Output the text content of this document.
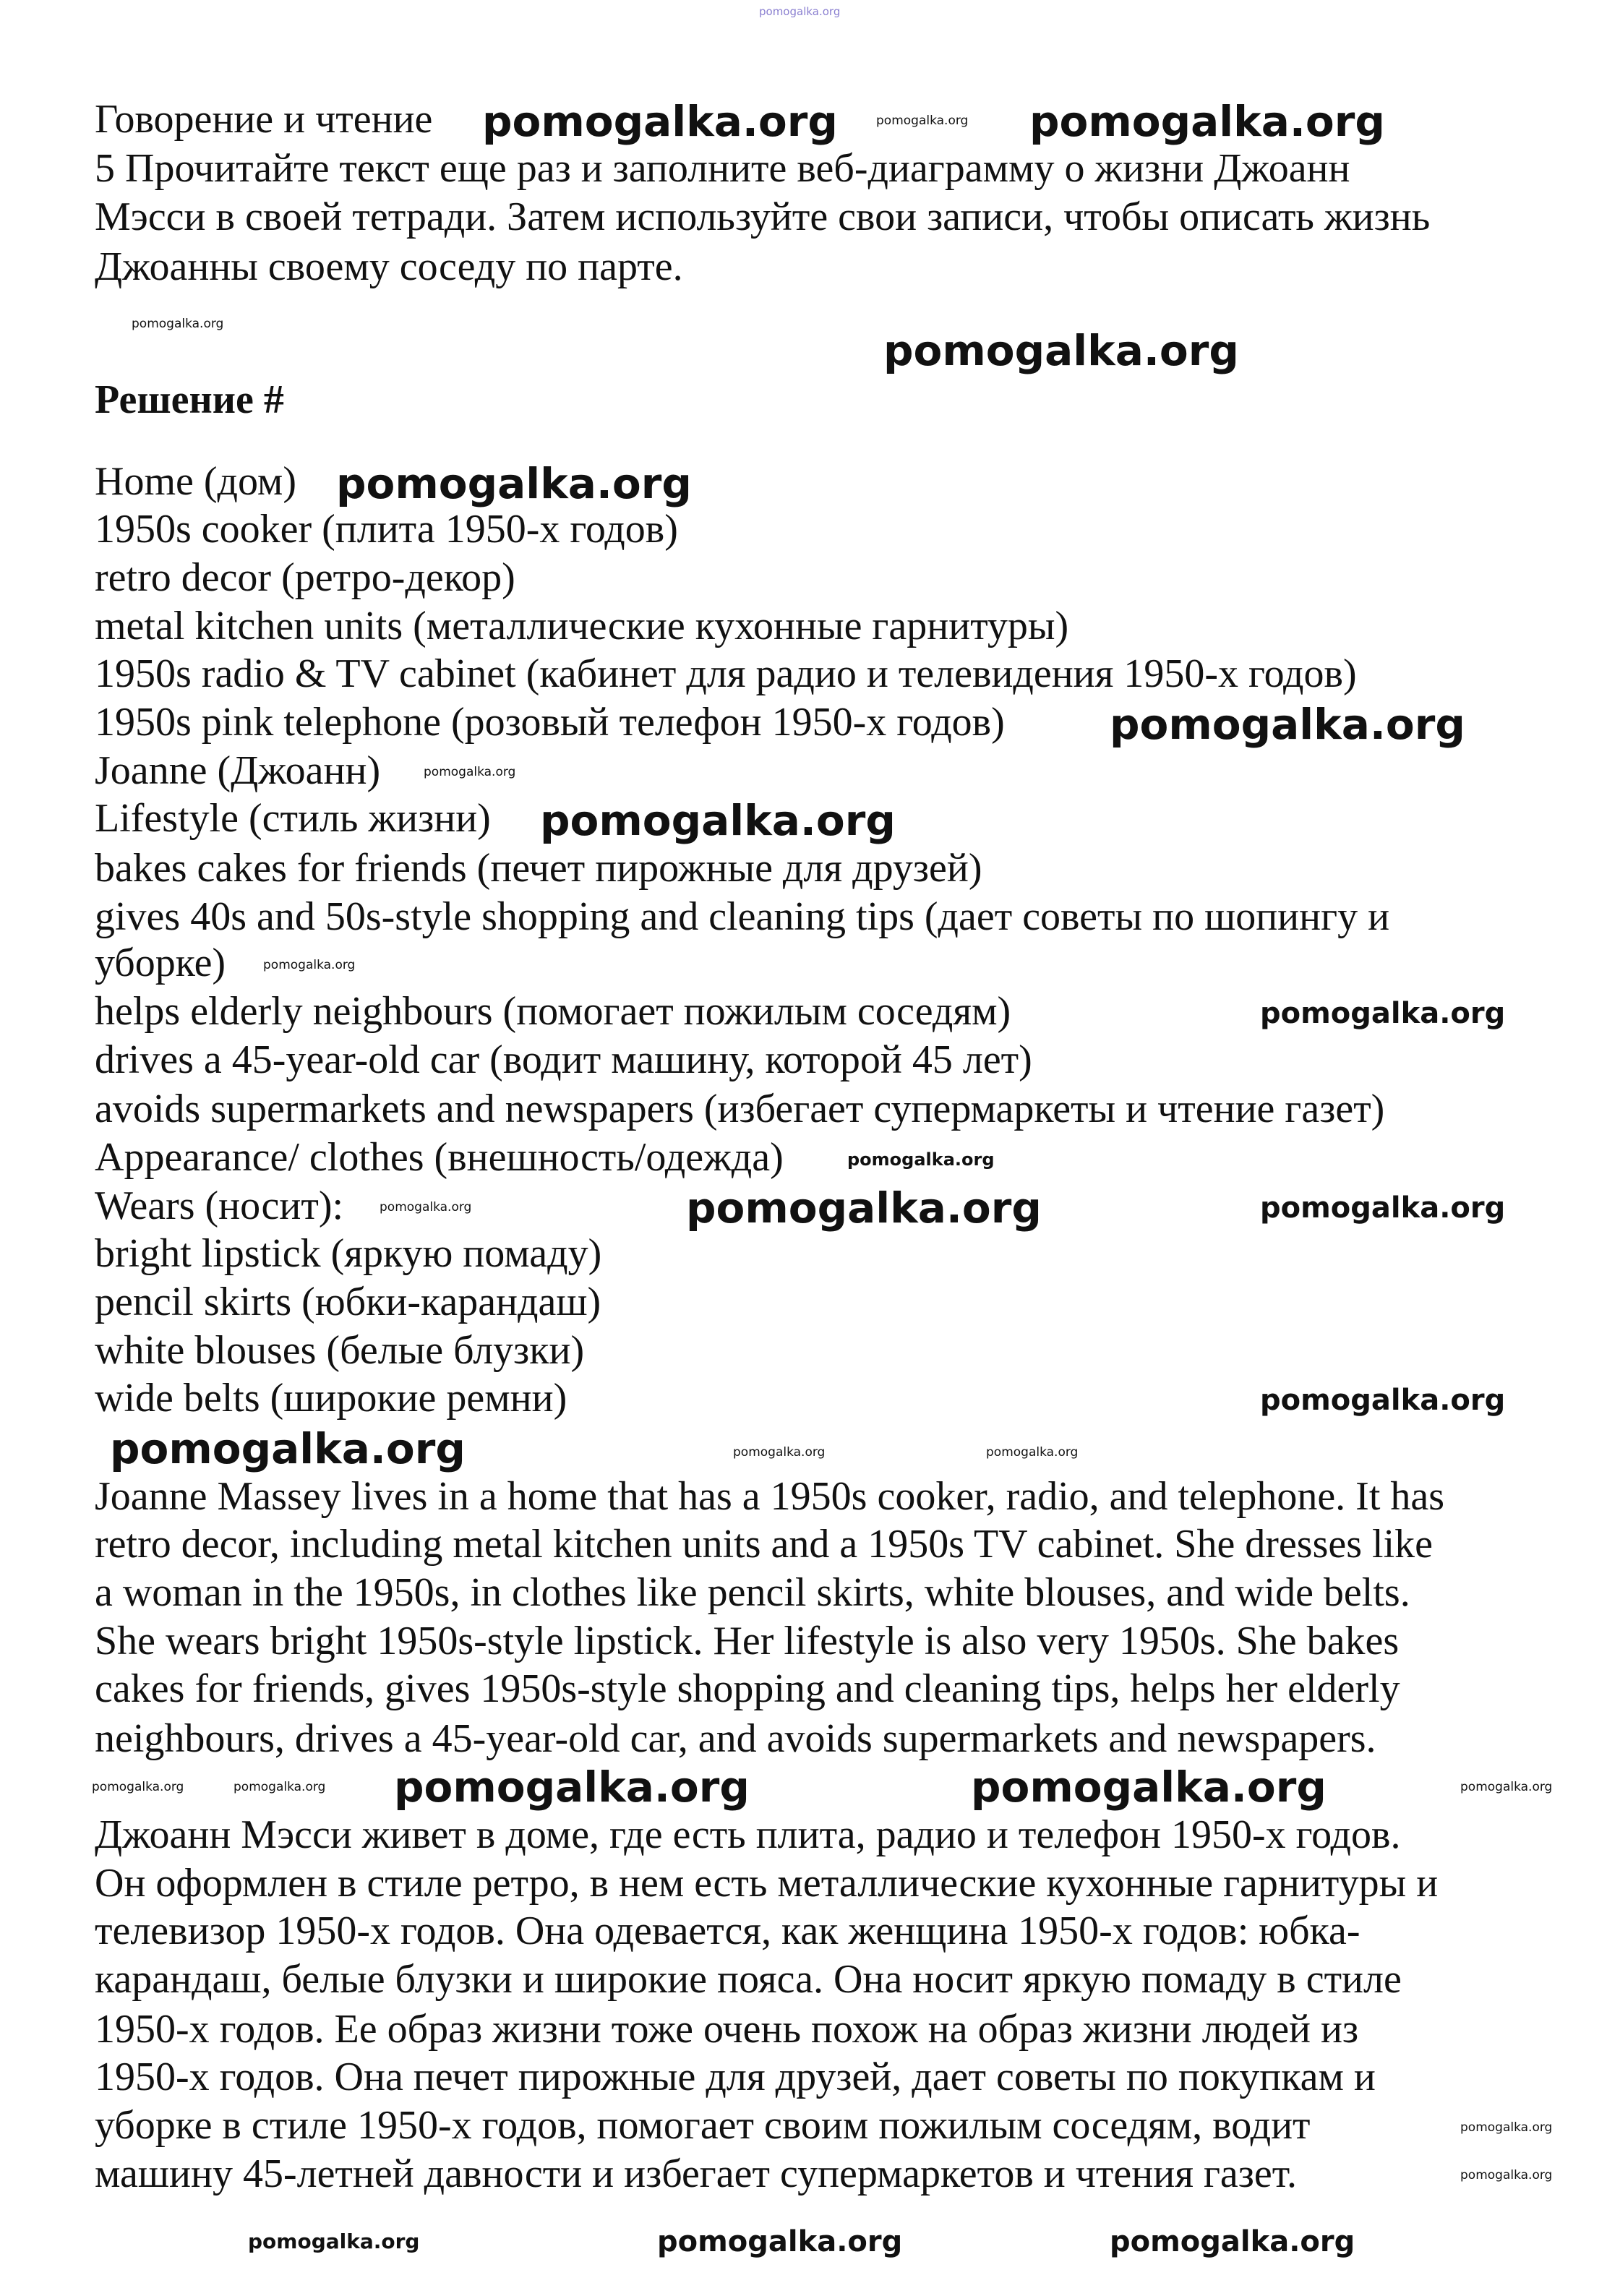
Говорение и чтение
5 Прочитайте текст еще раз и заполните веб-диаграмму о жизни Джоанн
Мэсси в своей тетради. Затем используйте свои записи, чтобы описать жизнь
Джоанны своему соседу по парте.
Решение #
Home (дом)
1950s cooker (плита 1950-х годов)
retro decor (ретро-декор)
metal kitchen units (металлические кухонные гарнитуры)
1950s radio & TV cabinet (кабинет для радио и телевидения 1950-х годов)
1950s pink telephone (розовый телефон 1950-х годов)
Joanne (Джоанн)
Lifestyle (стиль жизни)
bakes cakes for friends (печет пирожные для друзей)
gives 40s and 50s-style shopping and cleaning tips (дает советы по шопингу и
уборке)
helps elderly neighbours (помогает пожилым соседям)
drives a 45-year-old car (водит машину, которой 45 лет)
avoids supermarkets and newspapers (избегает супермаркеты и чтение газет)
Appearance/ clothes (внешность/одежда)
Wears (носит):
bright lipstick (яркую помаду)
pencil skirts (юбки-карандаш)
white blouses (белые блузки)
wide belts (широкие ремни)
Joanne Massey lives in a home that has a 1950s cooker, radio, and telephone. It has
retro decor, including metal kitchen units and a 1950s TV cabinet. She dresses like
a woman in the 1950s, in clothes like pencil skirts, white blouses, and wide belts.
She wears bright 1950s-style lipstick. Her lifestyle is also very 1950s. She bakes
cakes for friends, gives 1950s-style shopping and cleaning tips, helps her elderly
neighbours, drives a 45-year-old car, and avoids supermarkets and newspapers.
Джоанн Мэсси живет в доме, где есть плита, радио и телефон 1950-х годов.
Он оформлен в стиле ретро, в нем есть металлические кухонные гарнитуры и
телевизор 1950-х годов. Она одевается, как женщина 1950-х годов: юбка-
карандаш, белые блузки и широкие пояса. Она носит яркую помаду в стиле
1950-х годов. Ее образ жизни тоже очень похож на образ жизни людей из
1950-х годов. Она печет пирожные для друзей, дает советы по покупкам и
уборке в стиле 1950-х годов, помогает своим пожилым соседям, водит
машину 45-летней давности и избегает супермаркетов и чтения газет.
pomogalka.org	pomogalka.org
pomogalka.org
pomogalka.org
pomogalka.org
pomogalka.org
pomogalka.org
pomogalka.org	pomogalka.org
pomogalka.org
pomogalka.org
pomogalka.org	pomogalka.org
pomogalka.org
pomogalka.org
pomogalka.org
pomogalka.org
pomogalka.org
pomogalka.org
pomogalka.org	pomogalka.org
pomogalka.org	pomogalka.org	pomogalka.org
pomogalka.org	pomogalka.org
pomogalka.org
pomogalka.org
pomogalka.org
pomogalka.org
